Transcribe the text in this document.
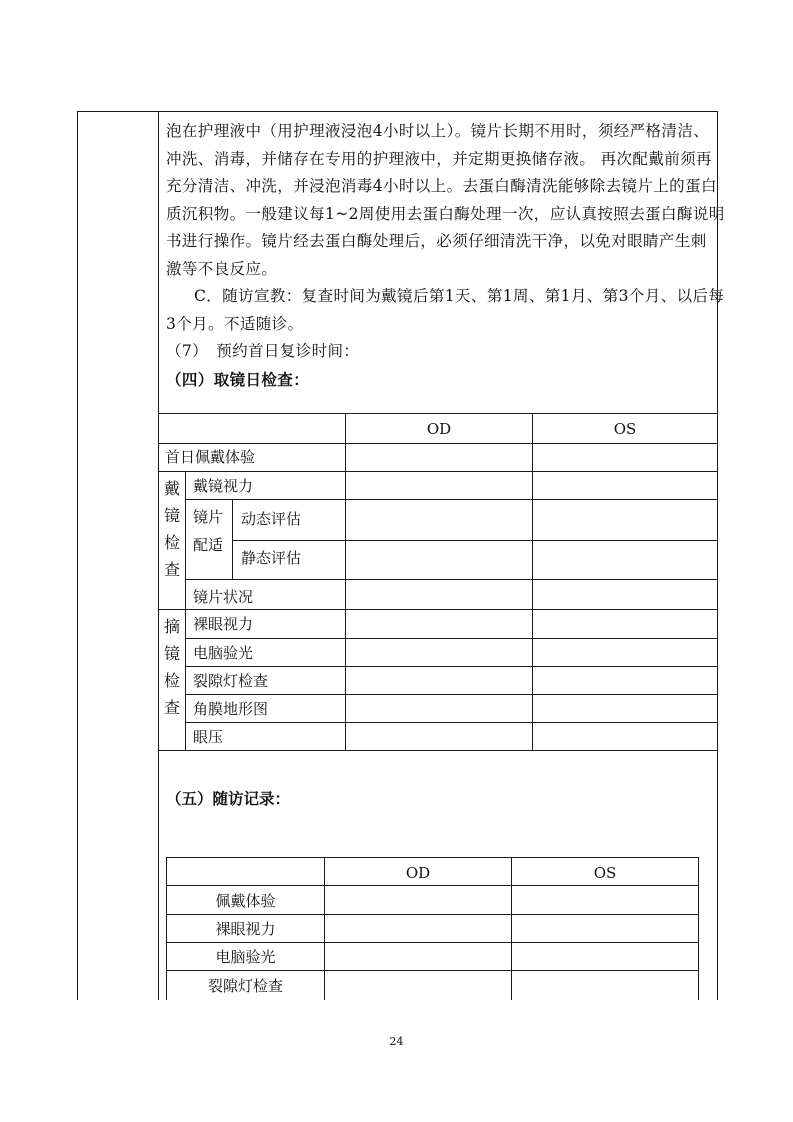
泡在护理液中（用护理液浸泡4小时以上）。镜片长期不用时，须经严格清洁、

冲洗、消毒，并储存在专用的护理液中，并定期更换储存液。 再次配戴前须再

充分清洁、冲洗，并浸泡消毒4小时以上。去蛋白酶清洗能够除去镜片上的蛋白

质沉积物。一般建议每1~2周使用去蛋白酶处理一次，应认真按照去蛋白酶说明

书进行操作。镜片经去蛋白酶处理后，必须仔细清洗干净，以免对眼睛产生刺

激等不良反应。

C．随访宣教：复查时间为戴镜后第1天、第1周、第1月、第3个月、以后每

3个月。不适随诊。

（7）　预约首日复诊时间：

（四）取镜日检查：

OD	OS
首日佩戴体验
戴
镜
检
查
戴镜视力
镜片
配适
动态评估
静态评估
镜片状况
摘
镜
检
查
裸眼视力
电脑验光
裂隙灯检查
角膜地形图
眼压
（五）随访记录：
OD	OS
佩戴体验
裸眼视力
电脑验光
裂隙灯检查
24
